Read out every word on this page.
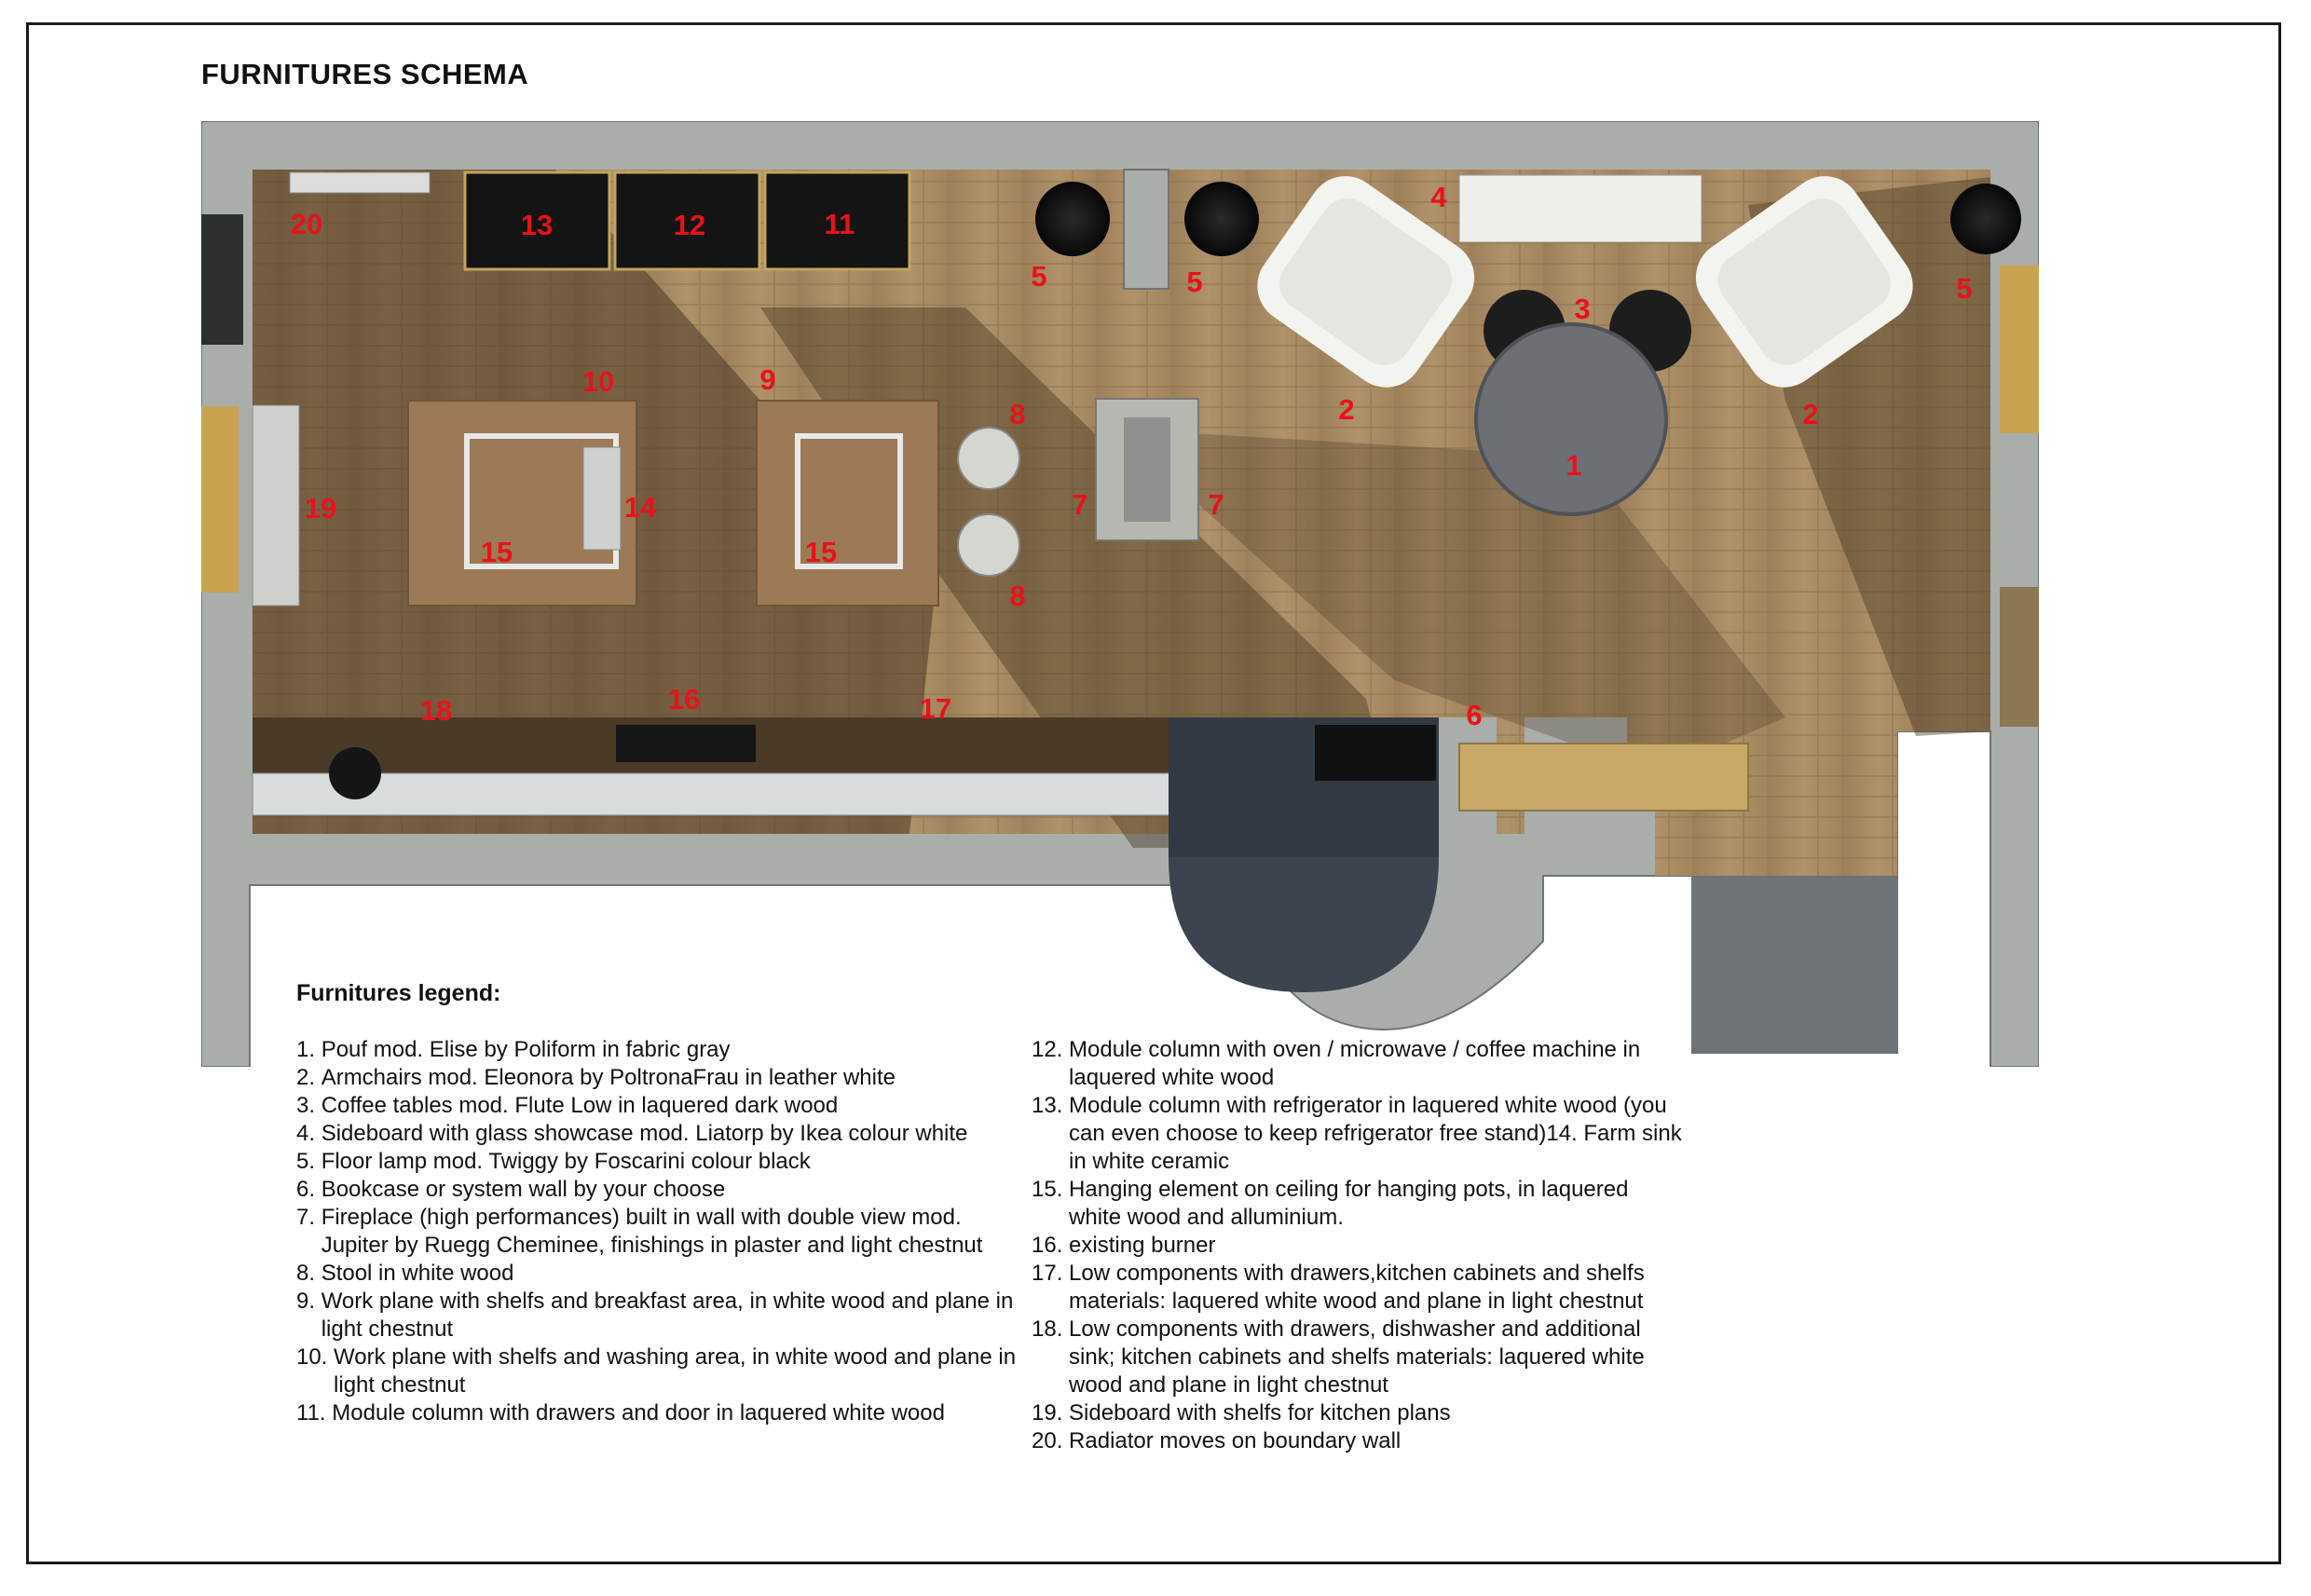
FURNITURES SCHEMA
1
2	2
3
4
5	5	5
6
7	7
8
8
9
10
11
12
13
14
15	15
16	17
18
19
20
Furnitures legend:
1.
Pouf mod. Elise by Poliform in fabric gray
2.
Armchairs mod. Eleonora by PoltronaFrau in leather white
3.
Coffee tables mod. Flute Low in laquered dark wood
4.
Sideboard with glass showcase mod. Liatorp by Ikea colour white
5.
Floor lamp mod. Twiggy by Foscarini colour black
6.
Bookcase or system wall by your choose
7.
Fireplace (high performances) built in wall with double view mod. Jupiter by Ruegg Cheminee, finishings in plaster and light chestnut
8.
Stool in white wood
9.
Work plane with shelfs and breakfast area, in white wood and plane in light chestnut
10.
Work plane with shelfs and washing area, in white wood and plane in light chestnut
11.
Module column with drawers and door in laquered white wood
12.
Module column with oven / microwave / coffee machine in laquered white wood
13.
Module column with refrigerator in laquered white wood (you can even choose to keep refrigerator free stand)14. Farm sink in white ceramic
15.
Hanging element on ceiling for hanging pots, in laquered white wood and alluminium.
16.
existing burner
17.
Low components with drawers,kitchen cabinets and shelfs materials: laquered white wood and plane in light chestnut
18.
Low components with drawers, dishwasher and additional sink; kitchen cabinets and shelfs materials: laquered white wood and plane in light chestnut
19.
Sideboard with shelfs for kitchen plans
20.
Radiator moves on boundary wall
